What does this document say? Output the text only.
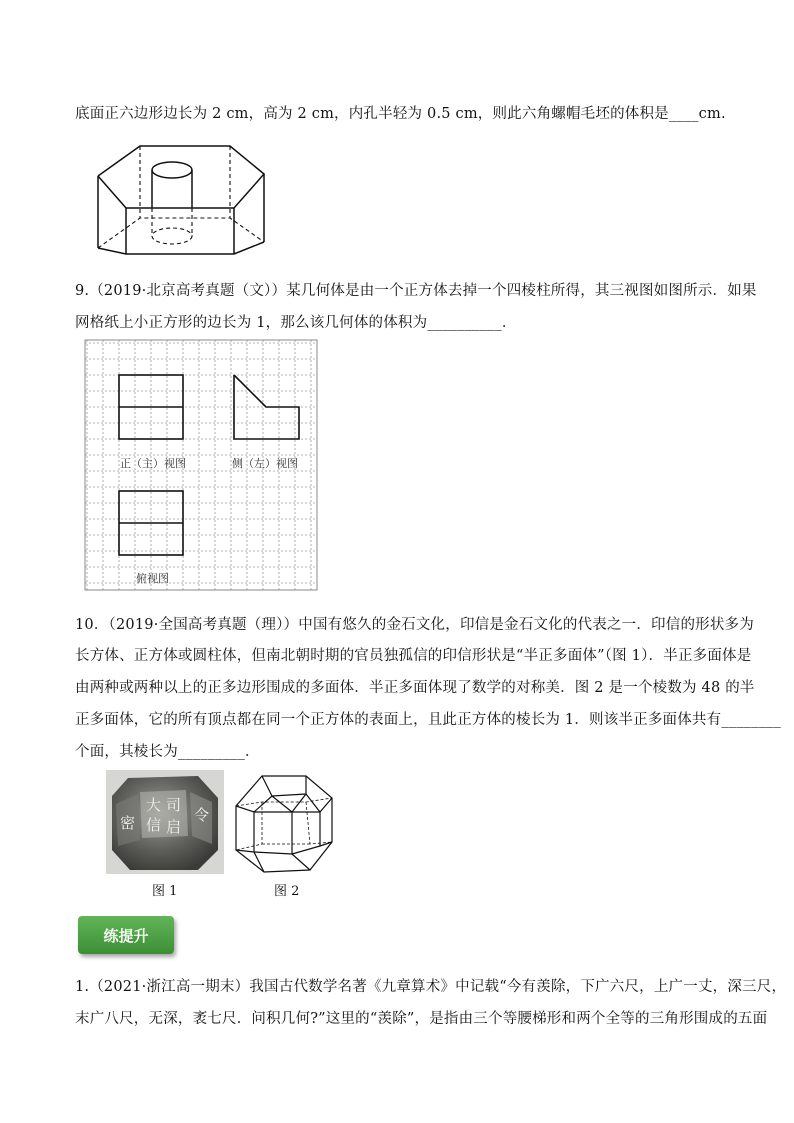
底面正六边形边长为 2 cm，高为 2 cm，内孔半轻为 0.5 cm，则此六角螺帽毛坯的体积是____cm.
9.（2019·北京高考真题（文））某几何体是由一个正方体去掉一个四棱柱所得，其三视图如图所示．如果
网格纸上小正方形的边长为 1，那么该几何体的体积为__________．
正（主）视图	侧（左）视图
俯视图
10．（2019·全国高考真题（理））中国有悠久的金石文化，印信是金石文化的代表之一．印信的形状多为
长方体、正方体或圆柱体，但南北朝时期的官员独孤信的印信形状是“半正多面体”（图 1）．半正多面体是
由两种或两种以上的正多边形围成的多面体．半正多面体现了数学的对称美．图 2 是一个棱数为 48 的半
正多面体，它的所有顶点都在同一个正方体的表面上，且此正方体的棱长为 1．则该半正多面体共有________
个面，其棱长为_________．
大 司
信
令
密 启
图 1	图 2
练提升
1.（2021·浙江高一期末）我国古代数学名著《九章算术》中记载“今有羡除，下广六尺，上广一丈，深三尺，
末广八尺，无深，袤七尺．问积几何?”这里的“羡除”，是指由三个等腰梯形和两个全等的三角形围成的五面
